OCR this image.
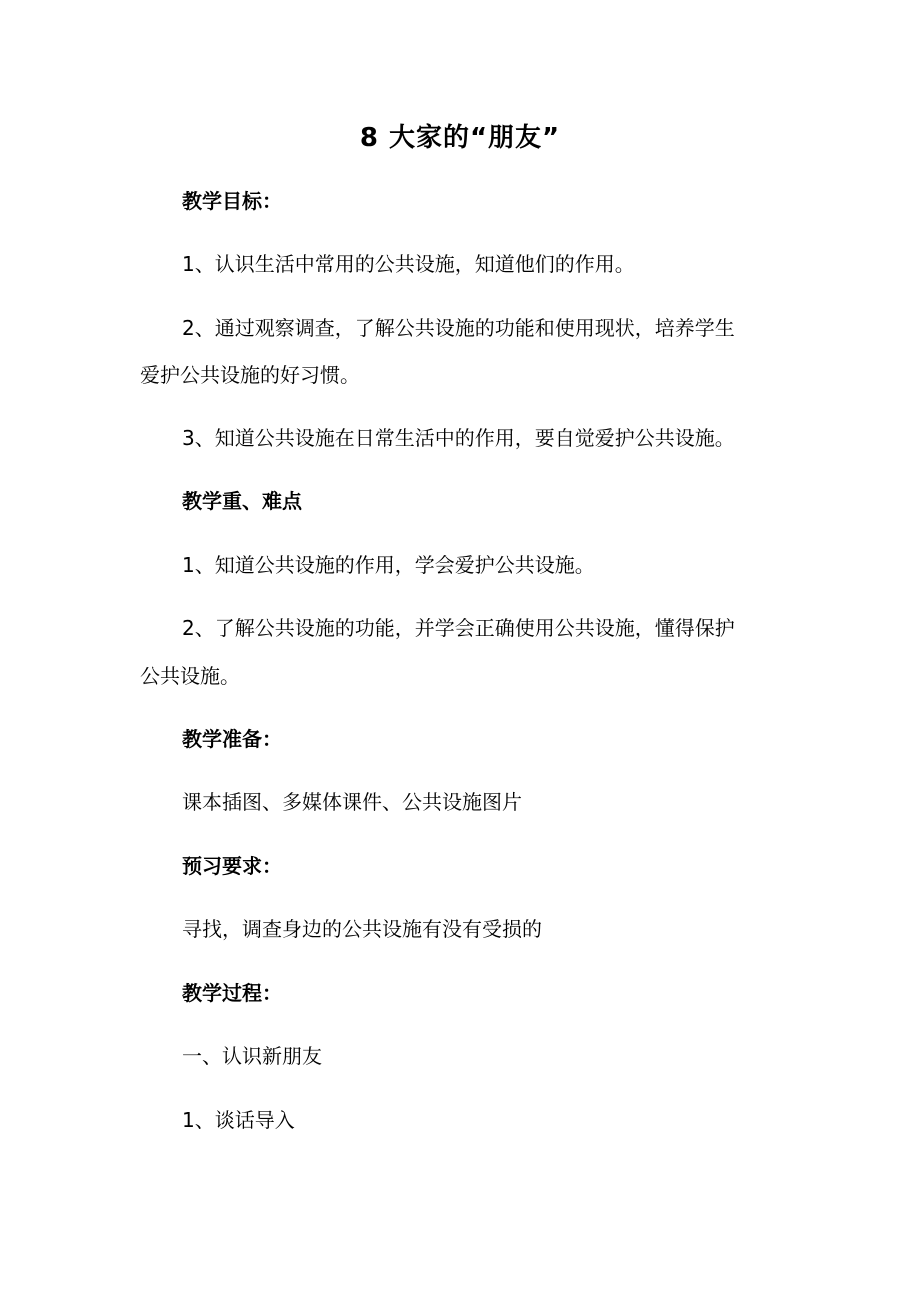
8 大家的“朋友”
教学目标：
1、认识生活中常用的公共设施，知道他们的作用。
2、通过观察调查，了解公共设施的功能和使用现状，培养学生
爱护公共设施的好习惯。
3、知道公共设施在日常生活中的作用，要自觉爱护公共设施。
教学重、难点
1、知道公共设施的作用，学会爱护公共设施。
2、了解公共设施的功能，并学会正确使用公共设施，懂得保护
公共设施。
教学准备：
课本插图、多媒体课件、公共设施图片
预习要求：
寻找，调查身边的公共设施有没有受损的
教学过程：
一、认识新朋友
1、谈话导入
